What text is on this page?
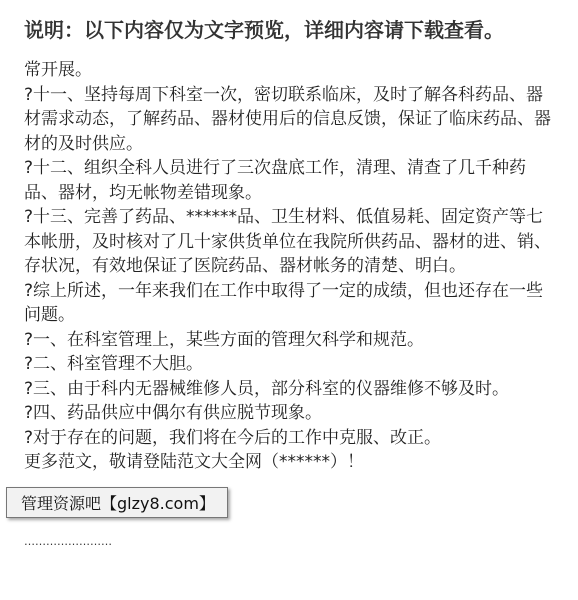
说明：以下内容仅为文字预览，详细内容请下载查看。

常开展。

?十一、坚持每周下科室一次，密切联系临床，及时了解各科药品、器材需求动态，了解药品、器材使用后的信息反馈，保证了临床药品、器材的及时供应。

?十二、组织全科人员进行了三次盘底工作，清理、清查了几千种药品、器材，均无帐物差错现象。

?十三、完善了药品、******品、卫生材料、低值易耗、固定资产等七本帐册，及时核对了几十家供货单位在我院所供药品、器材的进、销、存状况，有效地保证了医院药品、器材帐务的清楚、明白。

?综上所述，一年来我们在工作中取得了一定的成绩，但也还存在一些问题。

?一、在科室管理上，某些方面的管理欠科学和规范。

?二、科室管理不大胆。

?三、由于科内无器械维修人员，部分科室的仪器维修不够及时。

?四、药品供应中偶尔有供应脱节现象。

?对于存在的问题，我们将在今后的工作中克服、改正。

更多范文，敬请登陆范文大全网（******）！

管理资源吧【glzy8.com】
……………………
